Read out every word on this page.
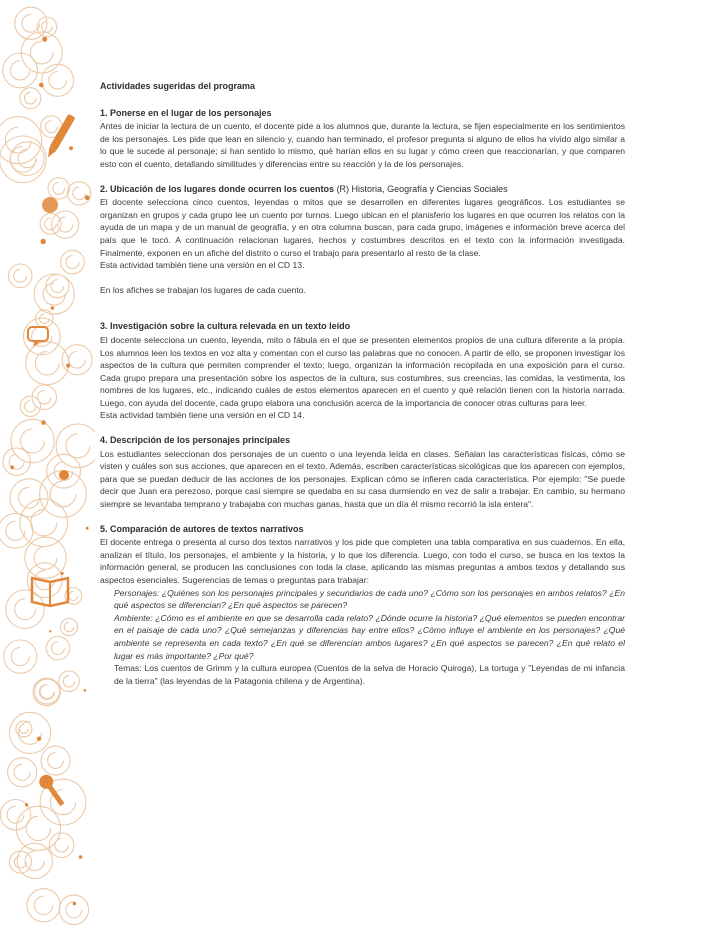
Actividades sugeridas del programa
1. Ponerse en el lugar de los personajes

Antes de iniciar la lectura de un cuento, el docente pide a los alumnos que, durante la lectura, se fijen especialmente en los sentimientos de los personajes. Les pide que lean en silencio y, cuando han terminado, el profesor pregunta si alguno de ellos ha vivido algo similar a lo que le sucede al personaje; si han sentido lo mismo, qué harían ellos en su lugar y cómo creen que reaccionarían, y que comparen esto con el cuento, detallando similitudes y diferencias entre su reacción y la de los personajes.

2. Ubicación de los lugares donde ocurren los cuentos (R) Historia, Geografía y Ciencias Sociales

El docente selecciona cinco cuentos, leyendas o mitos que se desarrollen en diferentes lugares geográficos. Los estudiantes se organizan en grupos y cada grupo lee un cuento por turnos. Luego ubican en el planisferio los lugares en que ocurren los relatos con la ayuda de un mapa y de un manual de geografía, y en otra columna buscan, para cada grupo, imágenes e información breve acerca del país que le tocó. A continuación relacionan lugares, hechos y costumbres descritos en el texto con la información investigada. Finalmente, exponen en un afiche del distrito o curso el trabajo para presentarlo al resto de la clase.

Esta actividad también tiene una versión en el CD 13.

En los afiches se trabajan los lugares de cada cuento.

3. Investigación sobre la cultura relevada en un texto leído

El docente selecciona un cuento, leyenda, mito o fábula en el que se presenten elementos propios de una cultura diferente a la propia. Los alumnos leen los textos en voz alta y comentan con el curso las palabras que no conocen. A partir de ello, se proponen investigar los aspectos de la cultura que permiten comprender el texto; luego, organizan la información recopilada en una exposición para el curso. Cada grupo prepara una presentación sobre los aspectos de la cultura, sus costumbres, sus creencias, las comidas, la vestimenta, los nombres de los lugares, etc., indicando cuáles de estos elementos aparecen en el cuento y qué relación tienen con la historia narrada. Luego, con ayuda del docente, cada grupo elabora una conclusión acerca de la importancia de conocer otras culturas para leer.

Esta actividad también tiene una versión en el CD 14.

4. Descripción de los personajes principales

Los estudiantes seleccionan dos personajes de un cuento o una leyenda leída en clases. Señalan las características físicas, cómo se visten y cuáles son sus acciones, que aparecen en el texto. Además, escriben características sicológicas que los aparecen con ejemplos, para que se puedan deducir de las acciones de los personajes. Explican cómo se infieren cada característica. Por ejemplo: "Se puede decir que Juan era perezoso, porque casi siempre se quedaba en su casa durmiendo en vez de salir a trabajar. En cambio, su hermano siempre se levantaba temprano y trabajaba con muchas ganas, hasta que un día él mismo recorrió la isla entera".

5. Comparación de autores de textos narrativos

El docente entrega o presenta al curso dos textos narrativos y los pide que completen una tabla comparativa en sus cuadernos. En ella, analizan el título, los personajes, el ambiente y la historia, y lo que los diferencia. Luego, con todo el curso, se busca en los textos la información general, se producen las conclusiones con toda la clase, aplicando las mismas preguntas a ambos textos y detallando sus aspectos esenciales. Sugerencias de temas o preguntas para trabajar:

Personajes: ¿Quiénes son los personajes principales y secundarios de cada uno? ¿Cómo son los personajes en ambos relatos? ¿En qué aspectos se diferencian? ¿En qué aspectos se parecen?

Ambiente: ¿Cómo es el ambiente en que se desarrolla cada relato? ¿Dónde ocurre la historia? ¿Qué elementos se pueden encontrar en el paisaje de cada uno? ¿Qué semejanzas y diferencias hay entre ellos? ¿Cómo influye el ambiente en los personajes? ¿Qué ambiente se representa en cada texto? ¿En qué se diferencian ambos lugares? ¿En qué aspectos se parecen? ¿En qué relato el lugar es más importante? ¿Por qué?

Temas: Los cuentos de Grimm y la cultura europea (Cuentos de la selva de Horacio Quiroga), La tortuga y "Leyendas de mi infancia de la tierra" (las leyendas de la Patagonia chilena y de Argentina).
